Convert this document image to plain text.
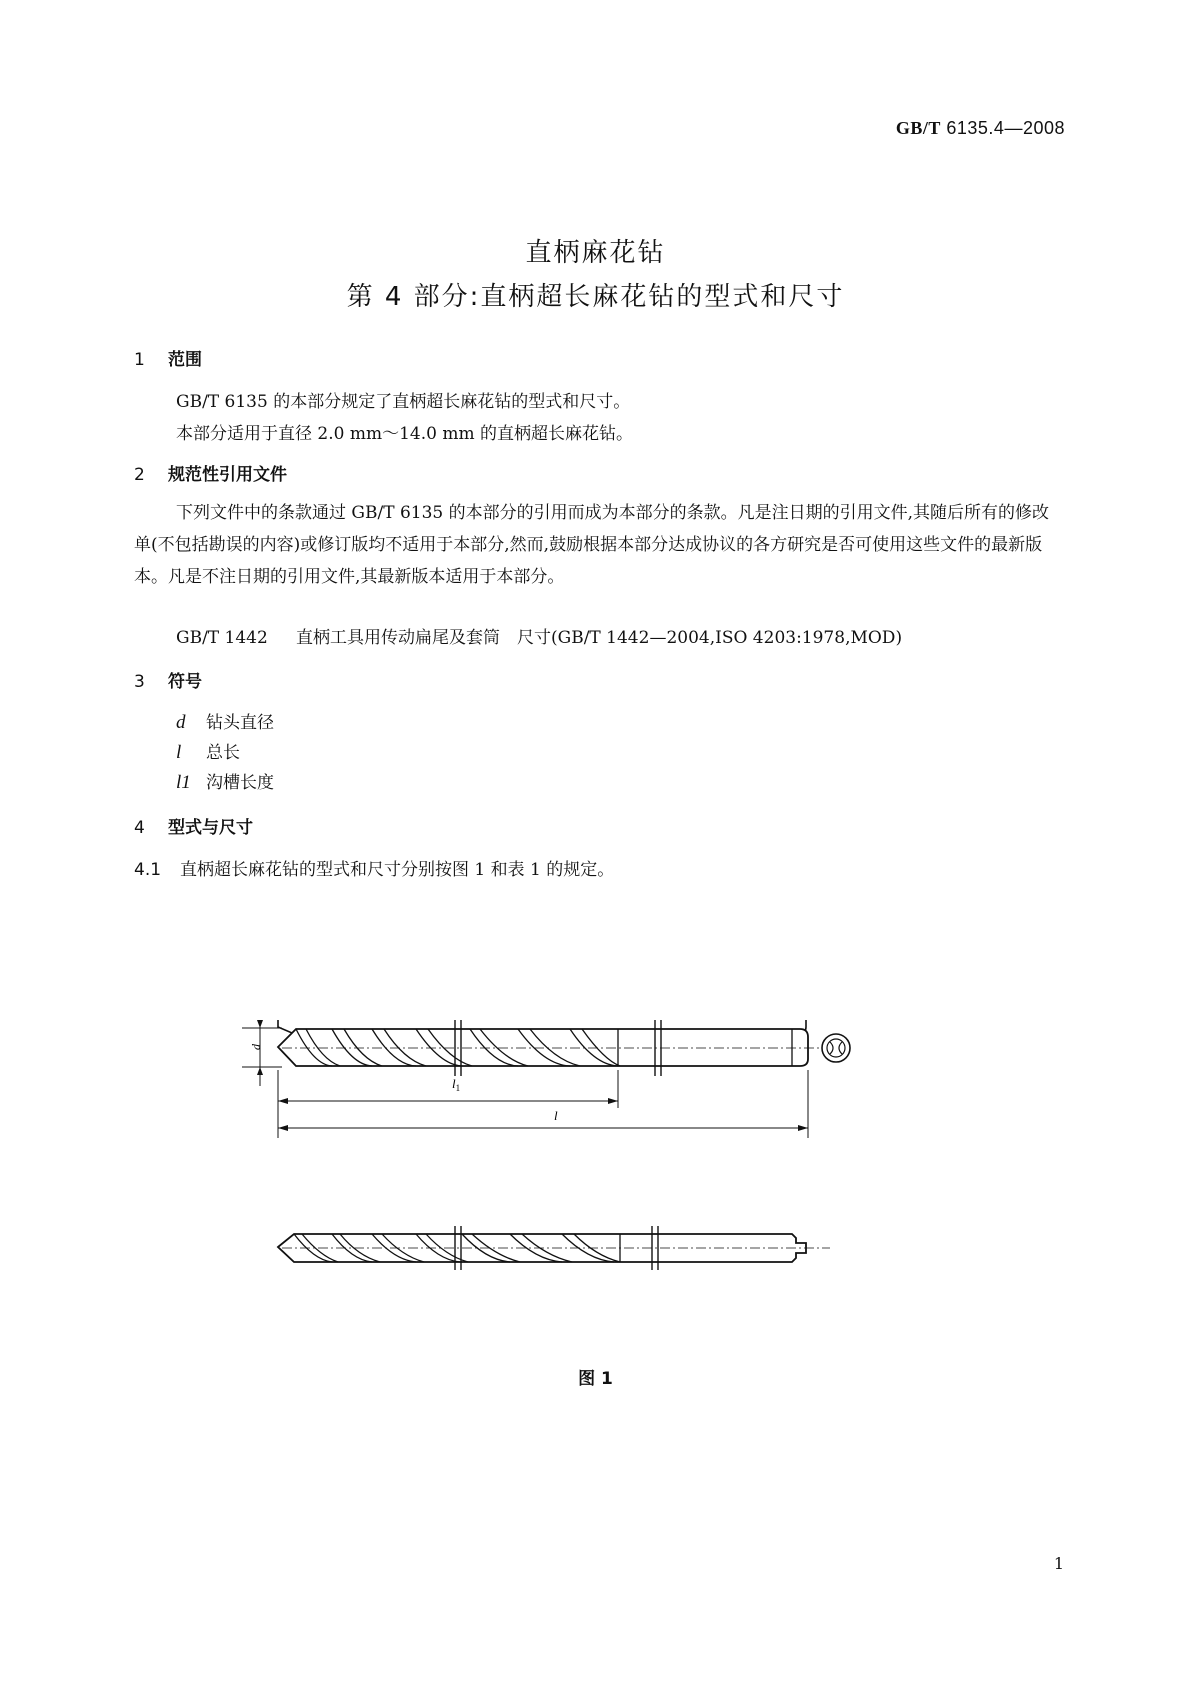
GB/T 6135.4—2008
直柄麻花钻
第 4 部分:直柄超长麻花钻的型式和尺寸
1 范围
GB/T 6135 的本部分规定了直柄超长麻花钻的型式和尺寸。
本部分适用于直径 2.0 mm～14.0 mm 的直柄超长麻花钻。
2 规范性引用文件
下列文件中的条款通过 GB/T 6135 的本部分的引用而成为本部分的条款。凡是注日期的引用文件,其随后所有的修改单(不包括勘误的内容)或修订版均不适用于本部分,然而,鼓励根据本部分达成协议的各方研究是否可使用这些文件的最新版本。凡是不注日期的引用文件,其最新版本适用于本部分。
GB/T 1442 直柄工具用传动扁尾及套筒　尺寸(GB/T 1442—2004,ISO 4203:1978,MOD)
3 符号
d 钻头直径
l 总长
l1 沟槽长度
4 型式与尺寸
4.1 直柄超长麻花钻的型式和尺寸分别按图 1 和表 1 的规定。
d
$l_1$
l
图 1
1
